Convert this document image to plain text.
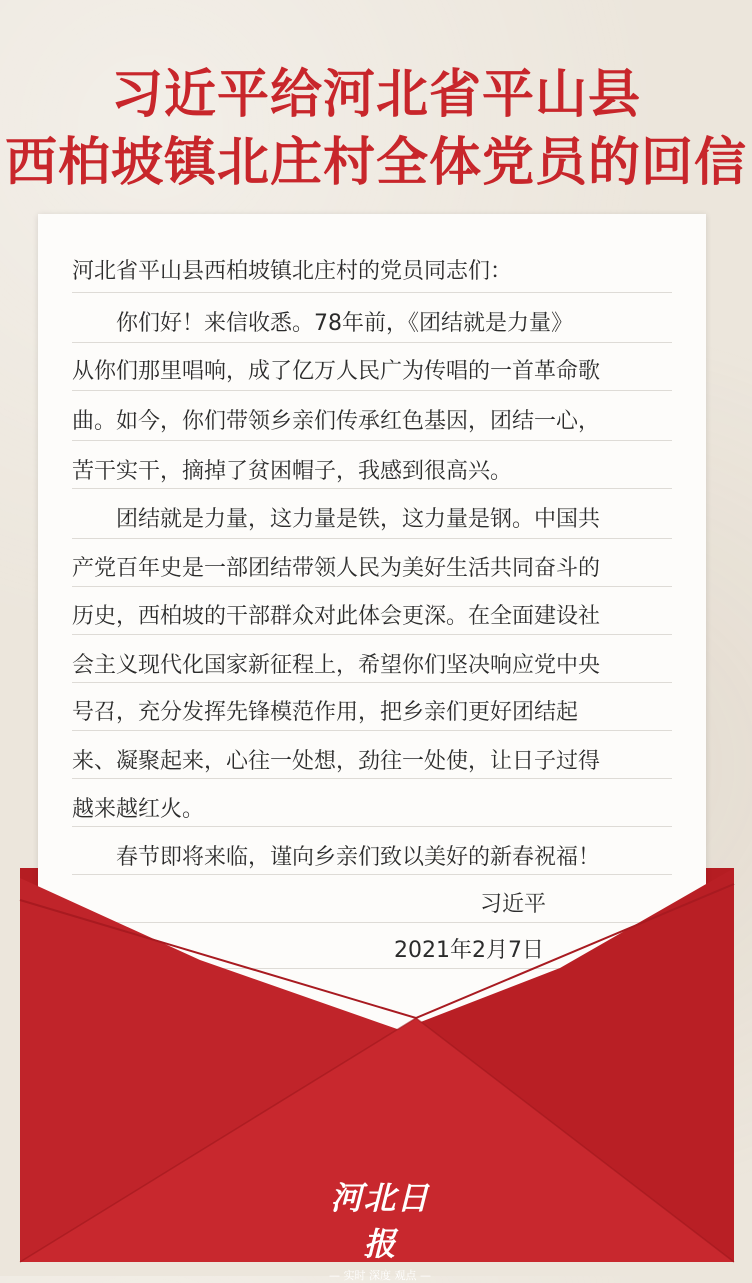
习近平给河北省平山县
西柏坡镇北庄村全体党员的回信
河北省平山县西柏坡镇北庄村的党员同志们：
　　你们好！来信收悉。78年前，《团结就是力量》
从你们那里唱响，成了亿万人民广为传唱的一首革命歌
曲。如今，你们带领乡亲们传承红色基因，团结一心，
苦干实干，摘掉了贫困帽子，我感到很高兴。
　　团结就是力量，这力量是铁，这力量是钢。中国共
产党百年史是一部团结带领人民为美好生活共同奋斗的
历史，西柏坡的干部群众对此体会更深。在全面建设社
会主义现代化国家新征程上，希望你们坚决响应党中央
号召，充分发挥先锋模范作用，把乡亲们更好团结起
来、凝聚起来，心往一处想，劲往一处使，让日子过得
越来越红火。
　　春节即将来临，谨向乡亲们致以美好的新春祝福！
习近平
2021年2月7日
河北日报
— 实时 深度 观点 —
